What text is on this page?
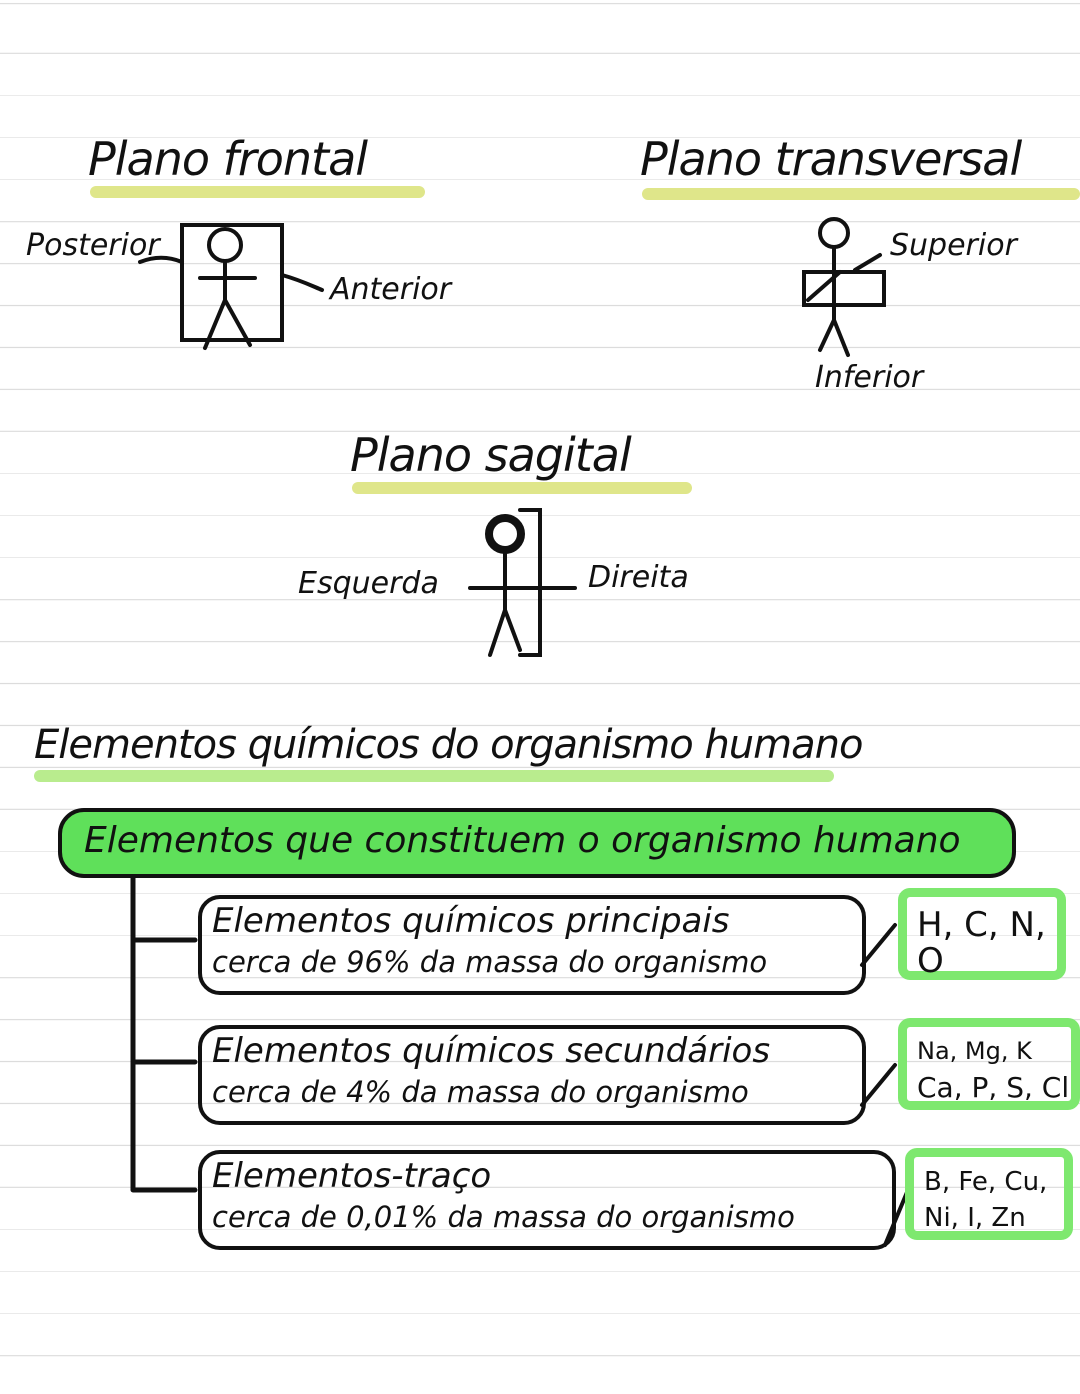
Plano frontal
Posterior
Anterior
Plano transversal
Superior
Inferior
Plano sagital
Esquerda	Direita
Elementos químicos do organismo humano
Elementos que constituem o organismo humano
Elementos químicos principais
cerca de 96% da massa do organismo
H, C, N,
O
Elementos químicos secundários
cerca de 4% da massa do organismo
Na, Mg, K
Ca, P, S, Cl
Elementos-traço
cerca de 0,01% da massa do organismo
B, Fe, Cu,
Ni, I, Zn
